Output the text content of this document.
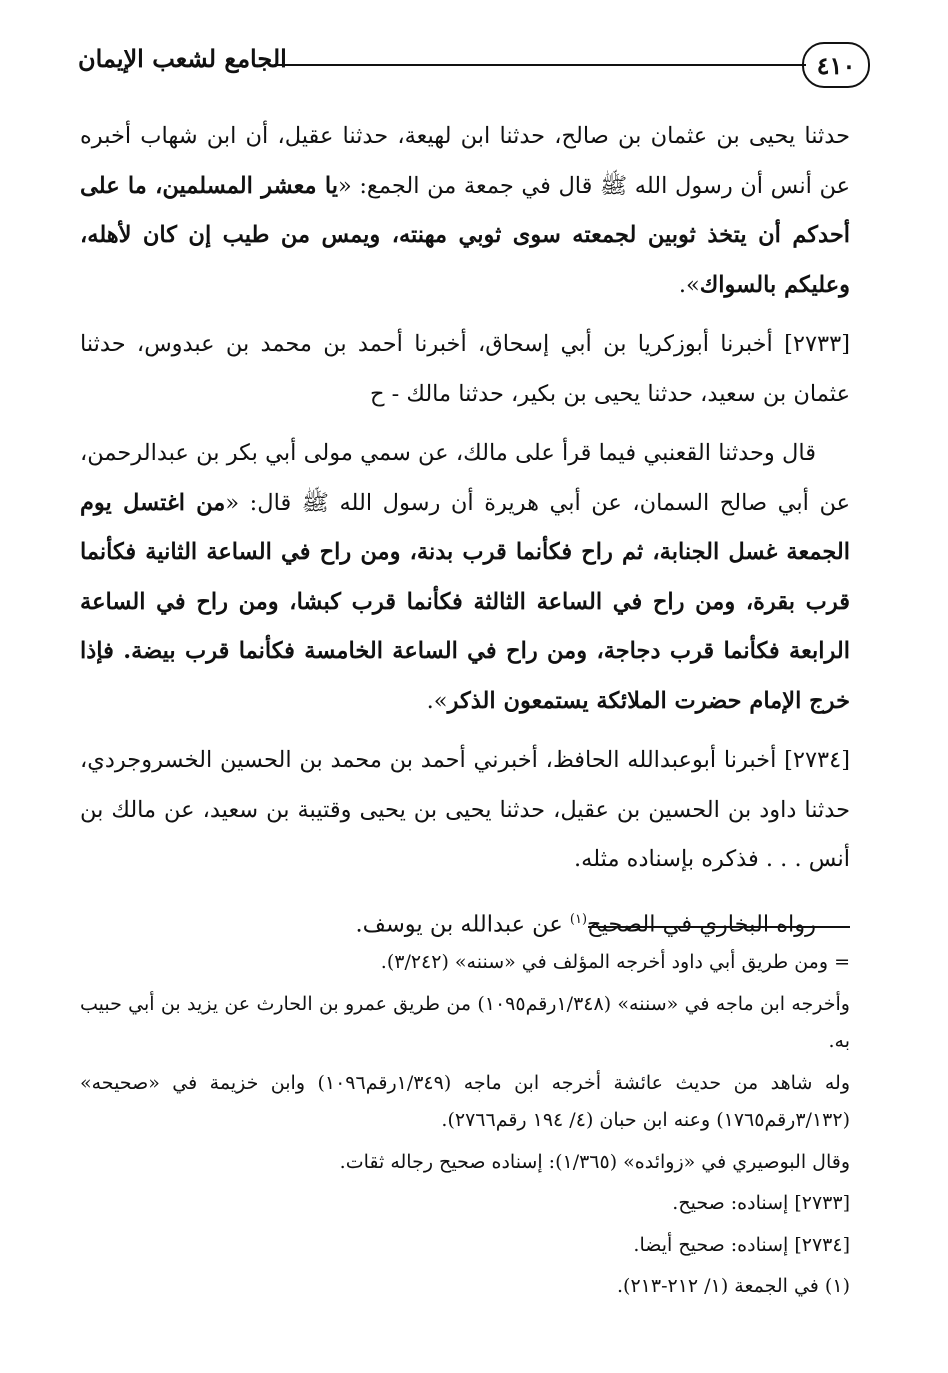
٤١٠
الجامع لشعب الإيمان

حدثنا يحيى بن عثمان بن صالح، حدثنا ابن لهيعة، حدثنا عقيل، أن ابن شهاب أخبره عن أنس أن رسول الله ﷺ قال في جمعة من الجمع: «يا معشر المسلمين، ما على أحدكم أن يتخذ ثوبين لجمعته سوى ثوبي مهنته، ويمس من طيب إن كان لأهله، وعليكم بالسواك».

[٢٧٣٣] أخبرنا أبوزكريا بن أبي إسحاق، أخبرنا أحمد بن محمد بن عبدوس، حدثنا عثمان بن سعيد، حدثنا يحيى بن بكير، حدثنا مالك - ح

قال وحدثنا القعنبي فيما قرأ على مالك، عن سمي مولى أبي بكر بن عبدالرحمن، عن أبي صالح السمان، عن أبي هريرة أن رسول الله ﷺ قال: «من اغتسل يوم الجمعة غسل الجنابة، ثم راح فكأنما قرب بدنة، ومن راح في الساعة الثانية فكأنما قرب بقرة، ومن راح في الساعة الثالثة فكأنما قرب كبشا، ومن راح في الساعة الرابعة فكأنما قرب دجاجة، ومن راح في الساعة الخامسة فكأنما قرب بيضة. فإذا خرج الإمام حضرت الملائكة يستمعون الذكر».

[٢٧٣٤] أخبرنا أبوعبدالله الحافظ، أخبرني أحمد بن محمد بن الحسين الخسروجردي، حدثنا داود بن الحسين بن عقيل، حدثنا يحيى بن يحيى وقتيبة بن سعيد، عن مالك بن أنس . . . فذكره بإسناده مثله.

رواه البخاري في الصحيح$^{(١)}$ عن عبدالله بن يوسف.

= ومن طريق أبي داود أخرجه المؤلف في «سننه» (٣/٢٤٢).

وأخرجه ابن ماجه في «سننه» (١/٣٤٨رقم١٠٩٥) من طريق عمرو بن الحارث عن يزيد بن أبي حبيب به.

وله شاهد من حديث عائشة أخرجه ابن ماجه (١/٣٤٩رقم١٠٩٦) وابن خزيمة في «صحيحه» (٣/١٣٢رقم١٧٦٥) وعنه ابن حبان (٤/ ١٩٤ رقم٢٧٦٦).

وقال البوصيري في «زوائده» (١/٣٦٥): إسناده صحيح رجاله ثقات.

[٢٧٣٣] إسناده: صحيح.

[٢٧٣٤] إسناده: صحيح أيضا.

(١) في الجمعة (١/ ٢١٢-٢١٣).
